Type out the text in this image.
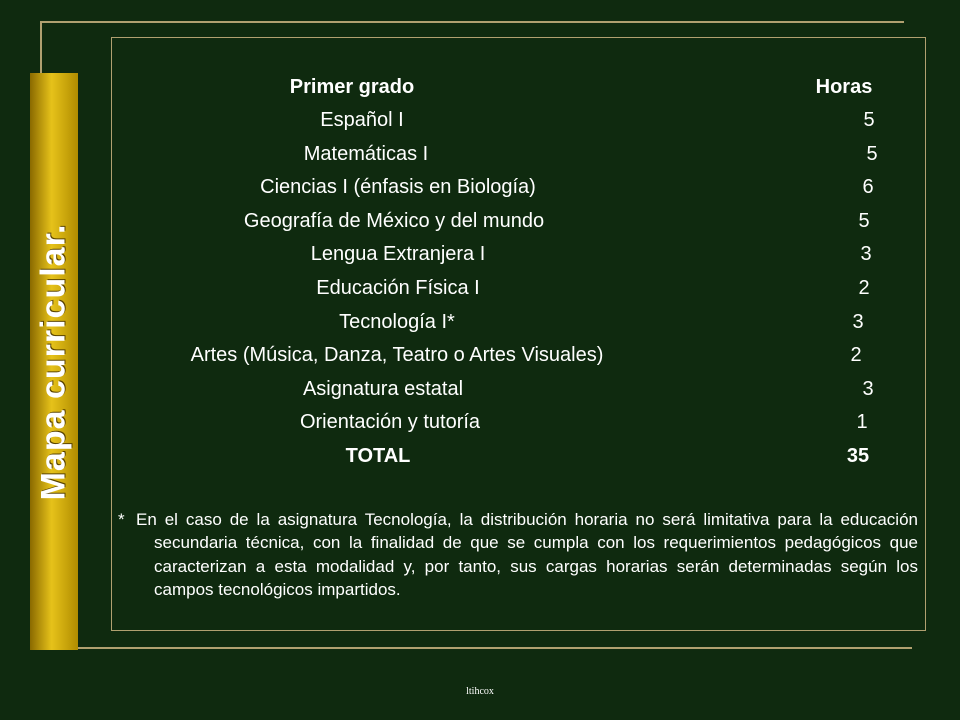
Mapa curricular.
Primer grado	Horas
Español I	5
Matemáticas I	5
Ciencias I (énfasis en Biología)	6
Geografía de México y del mundo	5
Lengua Extranjera I	3
Educación Física I	2
Tecnología I*	3
Artes (Música, Danza, Teatro o Artes Visuales)	2
Asignatura estatal	3
Orientación y tutoría	1
TOTAL	35
* En el caso de la asignatura Tecnología, la distribución horaria no será limitativa para la educación secundaria técnica, con la finalidad de que se cumpla con los requerimientos pedagógicos que caracterizan a esta modalidad y, por tanto, sus cargas horarias serán determinadas según los campos tecnológicos impartidos.
ltihcox
